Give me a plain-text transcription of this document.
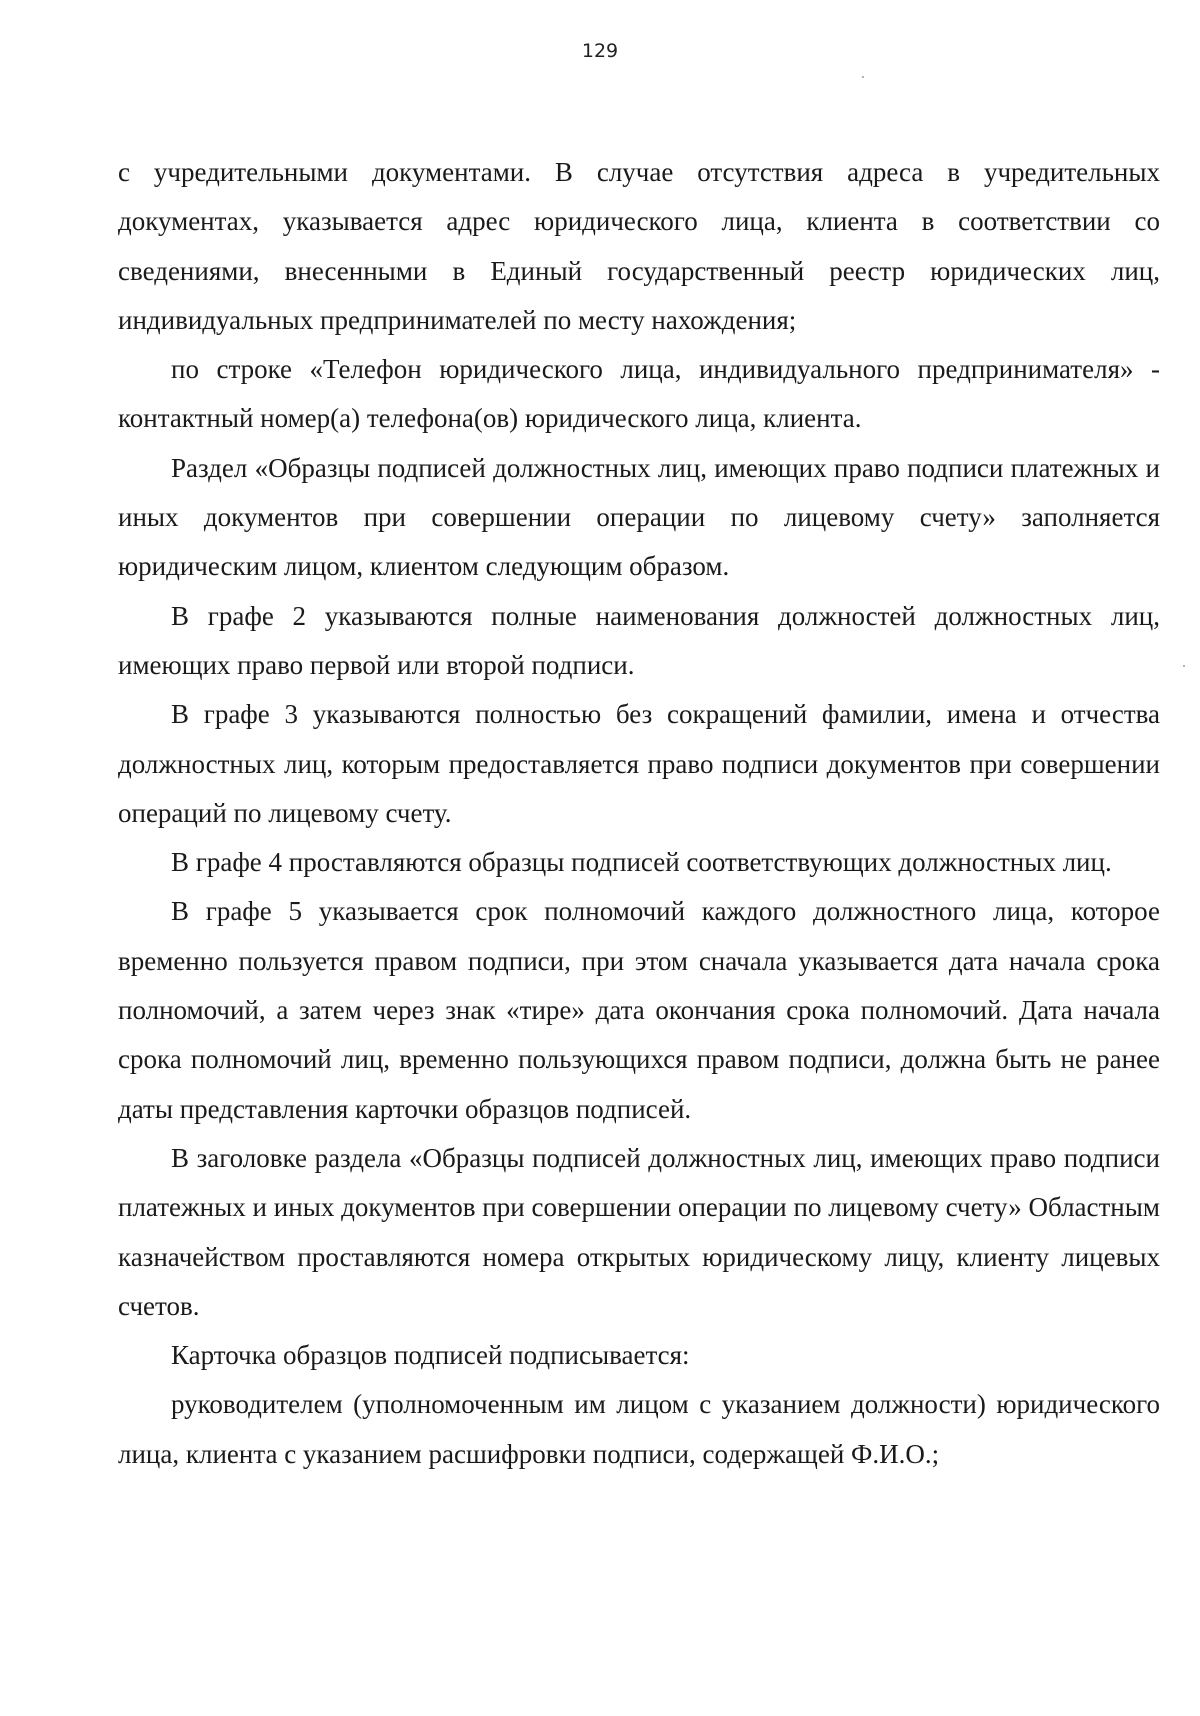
129

с учредительными документами. В случае отсутствия адреса в учредительных документах, указывается адрес юридического лица, клиента в соответствии со сведениями, внесенными в Единый государственный реестр юридических лиц, индивидуальных предпринимателей по месту нахождения;

по строке «Телефон юридического лица, индивидуального предпринимателя» - контактный номер(а) телефона(ов) юридического лица, клиента.

Раздел «Образцы подписей должностных лиц, имеющих право подписи платежных и иных документов при совершении операции по лицевому счету» заполняется юридическим лицом, клиентом следующим образом.

В графе 2 указываются полные наименования должностей должностных лиц, имеющих право первой или второй подписи.

В графе 3 указываются полностью без сокращений фамилии, имена и отчества должностных лиц, которым предоставляется право подписи документов при совершении операций по лицевому счету.

В графе 4 проставляются образцы подписей соответствующих должностных лиц.

В графе 5 указывается срок полномочий каждого должностного лица, которое временно пользуется правом подписи, при этом сначала указывается дата начала срока полномочий, а затем через знак «тире» дата окончания срока полномочий. Дата начала срока полномочий лиц, временно пользующихся правом подписи, должна быть не ранее даты представления карточки образцов подписей.

В заголовке раздела «Образцы подписей должностных лиц, имеющих право подписи платежных и иных документов при совершении операции по лицевому счету» Областным казначейством проставляются номера открытых юридическому лицу, клиенту лицевых счетов.

Карточка образцов подписей подписывается:

руководителем (уполномоченным им лицом с указанием должности) юридического лица, клиента с указанием расшифровки подписи, содержащей Ф.И.О.;
